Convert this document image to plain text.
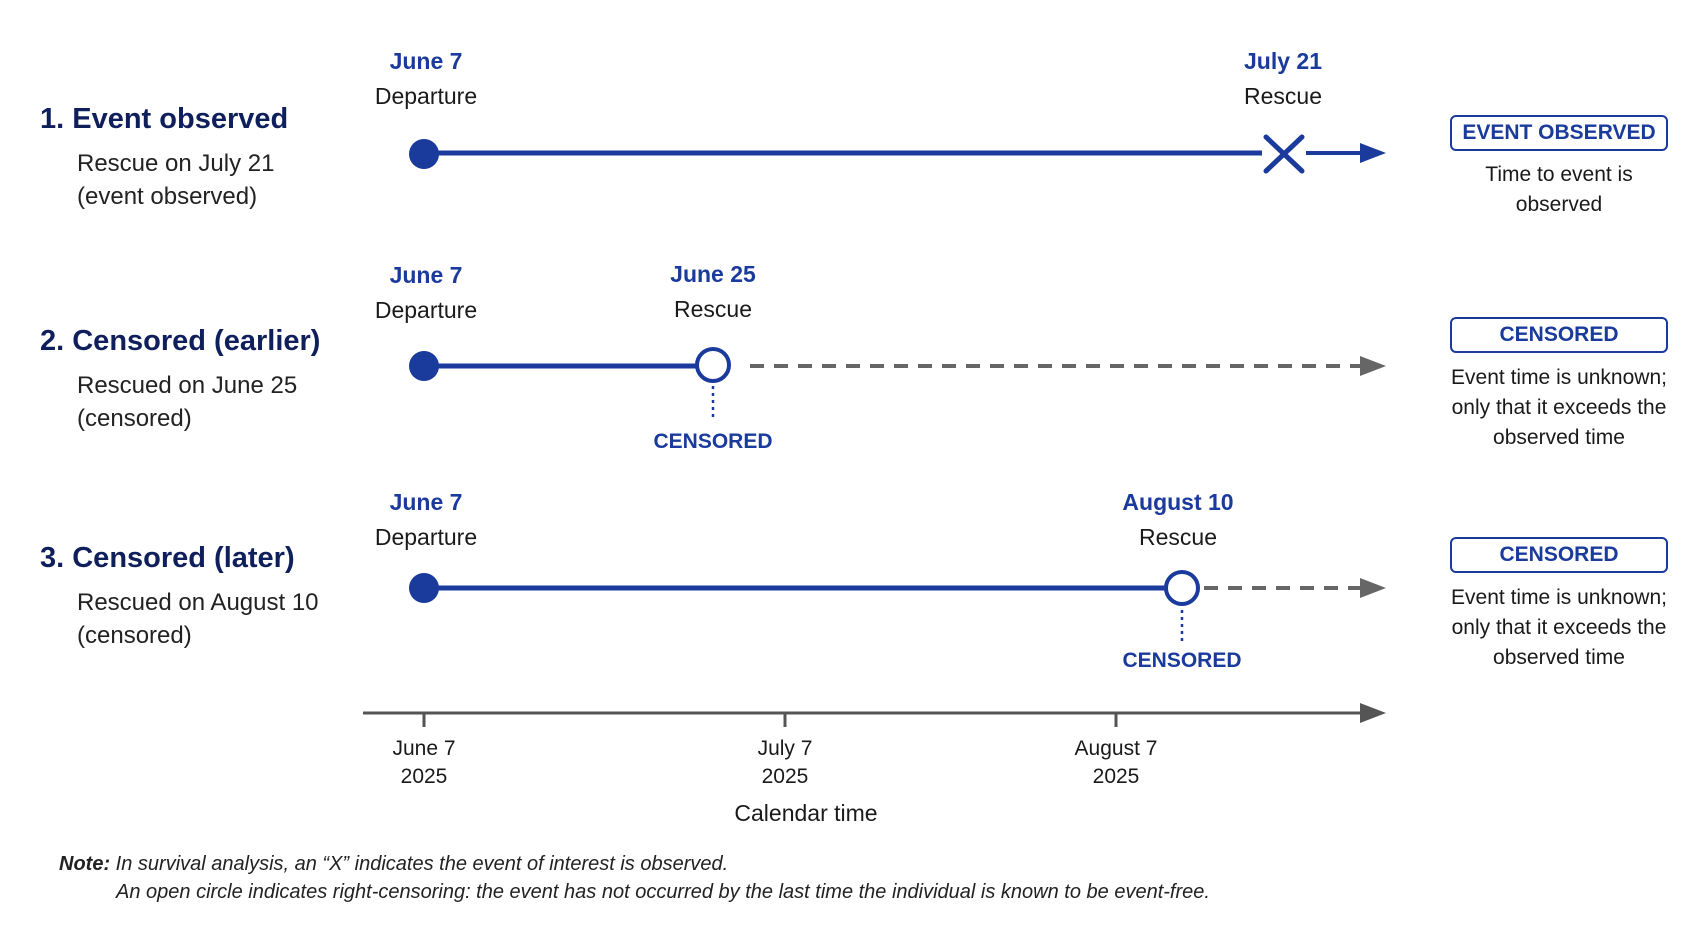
1. Event observed
Rescue on July 21
(event observed)
June 7
Departure
July 21
Rescue
EVENT OBSERVED
Time to event is observed
2. Censored (earlier)
Rescued on June 25
(censored)
June 7
Departure
June 25
Rescue
CENSORED
CENSORED
Event time is unknown; only that it exceeds the observed time
3. Censored (later)
Rescued on August 10
(censored)
June 7
Departure
August 10
Rescue
CENSORED
CENSORED
Event time is unknown; only that it exceeds the observed time
June 7
2025
July 7
2025
August 7
2025
Calendar time
Note: In survival analysis, an “X” indicates the event of interest is observed.
An open circle indicates right-censoring: the event has not occurred by the last time the individual is known to be event-free.
